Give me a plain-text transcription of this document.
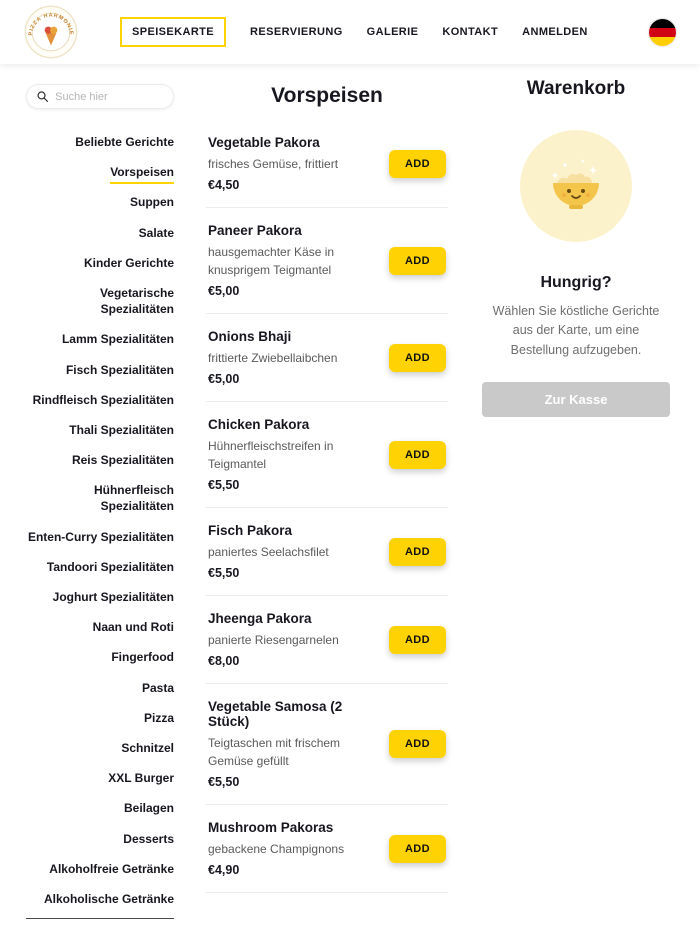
PIZZA HARMONIE	SPEISEKARTE	RESERVIERUNG GALERIE KONTAKT ANMELDEN
Suche hier
Beliebte Gerichte
Vorspeisen
Suppen
Salate
Kinder Gerichte
Vegetarische Spezialitäten
Lamm Spezialitäten
Fisch Spezialitäten
Rindfleisch Spezialitäten
Thali Spezialitäten
Reis Spezialitäten
Hühnerfleisch Spezialitäten
Enten-Curry Spezialitäten
Tandoori Spezialitäten
Joghurt Spezialitäten
Naan und Roti
Fingerfood
Pasta
Pizza
Schnitzel
XXL Burger
Beilagen
Desserts
Alkoholfreie Getränke
Alkoholische Getränke
Vorspeisen
Vegetable Pakora
frisches Gemüse, frittiert
€4,50
ADD
Paneer Pakora
hausgemachter Käse in knusprigem Teigmantel
€5,00
ADD
Onions Bhaji
frittierte Zwiebellaibchen
€5,00
ADD
Chicken Pakora
Hühnerfleischstreifen in Teigmantel
€5,50
ADD
Fisch Pakora
paniertes Seelachsfilet
€5,50
ADD
Jheenga Pakora
panierte Riesengarnelen
€8,00
ADD
Vegetable Samosa (2 Stück)
Teigtaschen mit frischem Gemüse gefüllt
€5,50
ADD
Mushroom Pakoras
gebackene Champignons
€4,90
ADD
Warenkorb
Hungrig?

Wählen Sie köstliche Gerichte aus der Karte, um eine Bestellung aufzugeben.

Zur Kasse
